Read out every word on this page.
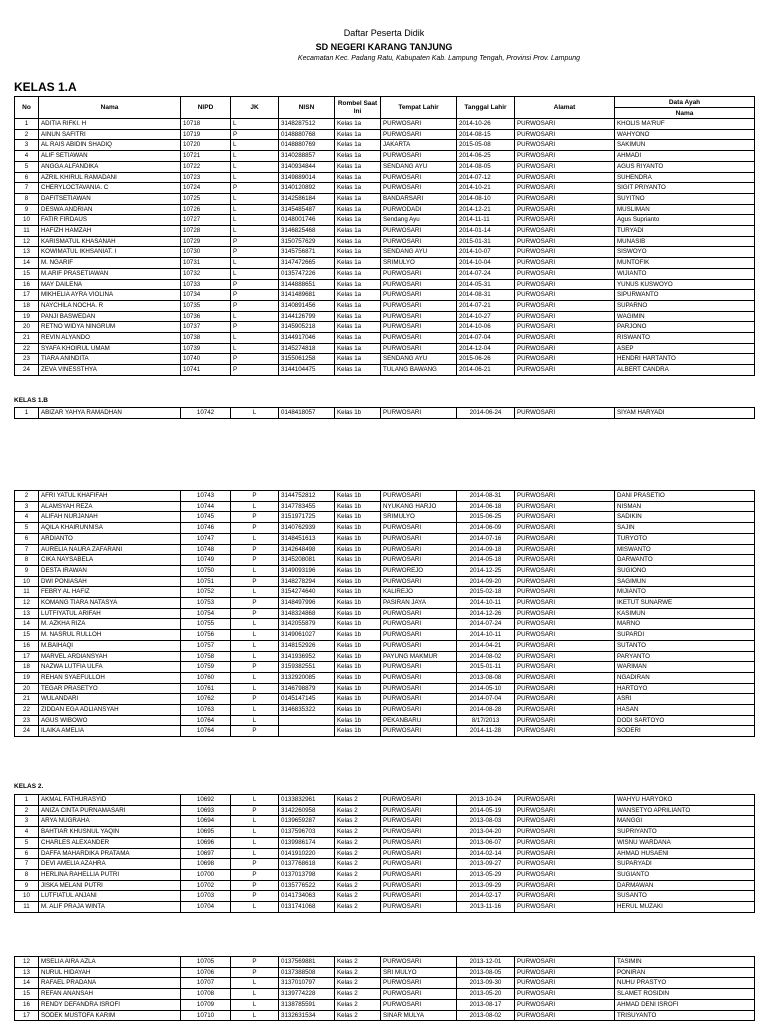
Daftar Peserta Didik
SD NEGERI KARANG TANJUNG
Kecamatan Kec. Padang Ratu, Kabupaten Kab. Lampung Tengah, Provinsi Prov. Lampung
KELAS 1.A
No	Nama	NIPD	JK	NISN	Rombel Saat Ini	Tempat Lahir	Tanggal Lahir	Alamat	Data Ayah
									Nama
1	ADITIA RIFKI. H	10718	L	3148287512	Kelas 1a	PURWOSARI	2014-10-26	PURWOSARI	KHOLIS MA'RUF
2	AINUN SAFITRI	10719	P	0148880768	Kelas 1a	PURWOSARI	2014-08-15	PURWOSARI	WAHYONO
3	AL RAIS ABIDIN SHADIQ	10720	L	0148880769	Kelas 1a	JAKARTA	2015-05-08	PURWOSARI	SAKIMUN
4	ALIF SETIAWAN	10721	L	3140288857	Kelas 1a	PURWOSARI	2014-06-25	PURWOSARI	AHMADI
5	ANGGA ALFANDIKA	10722	L	3140934844	Kelas 1a	SENDANG AYU	2014-08-05	PURWOSARI	AGUS RIYANTO
6	AZRIL KHIRUL RAMADANI	10723	L	3149889014	Kelas 1a	PURWOSARI	2014-07-12	PURWOSARI	SUHENDRA
7	CHERYLOCTAVANIA. C	10724	P	3140120892	Kelas 1a	PURWOSARI	2014-10-21	PURWOSARI	SIGIT PRIYANTO
8	DAFITSETIAWAN	10725	L	3142586184	Kelas 1a	BANDARSARI	2014-08-10	PURWOSARI	SUYITNO
9	DESWA ANDRIAN	10726	L	3145485487	Kelas 1a	PURWODADI	2014-12-21	PURWOSARI	MUSLIMAN
10	FATIR FIRDAUS	10727	L	0148001746	Kelas 1a	Sendang Ayu	2014-11-11	PURWOSARI	Agus Suprianto
11	HAFIZH HAMZAH	10728	L	3146825468	Kelas 1a	PURWOSARI	2014-01-14	PURWOSARI	TURYADI
12	KARISMATUL KHASANAH	10729	P	3150757629	Kelas 1a	PURWOSARI	2015-01-31	PURWOSARI	MUNASIB
13	KOWIMATUL IKHSANIAT. I	10730	P	3145756871	Kelas 1a	SENDANG AYU	2014-10-07	PURWOSARI	SISWOYO
14	M. NGARIF	10731	L	3147472665	Kelas 1a	SRIMULYO	2014-10-04	PURWOSARI	MUNTOFIK
15	M.ARIF PRASETIAWAN	10732	L	0135747226	Kelas 1a	PURWOSARI	2014-07-24	PURWOSARI	WIJIANTO
16	MAY DAILENA	10733	P	3144888651	Kelas 1a	PURWOSARI	2014-05-31	PURWOSARI	YUNUS KUSWOYO
17	MIKHELIA AYRA VIOLINA	10734	P	3141489681	Kelas 1a	PURWOSARI	2014-08-31	PURWOSARI	SIPURWANTO
18	NAYCHILA NOCHA. R	10735	P	3140891456	Kelas 1a	PURWOSARI	2014-07-21	PURWOSARI	SUPARNO
19	PANJI BASWEDAN	10736	L	3144126799	Kelas 1a	PURWOSARI	2014-10-27	PURWOSARI	WAGIMIN
20	RETNO WIDYA NINGRUM	10737	P	3145905218	Kelas 1a	PURWOSARI	2014-10-06	PURWOSARI	PARJONO
21	REVIN ALYANDO	10738	L	3144917046	Kelas 1a	PURWOSARI	2014-07-04	PURWOSARI	RISWANTO
22	SYAFA KHOIRUL UMAM	10739	L	3145274818	Kelas 1a	PURWOSARI	2014-12-04	PURWOSARI	ASEP
23	TIARA ANINDITA	10740	P	3155061258	Kelas 1a	SENDANG AYU	2015-06-26	PURWOSARI	HENDRI HARTANTO
24	ZEVA VINESSTHYA	10741	P	3144104475	Kelas 1a	TULANG BAWANG	2014-06-21	PURWOSARI	ALBERT CANDRA
KELAS 1.B
1	ABIZAR YAHYA RAMADHAN	10742	L	0148418057	Kelas 1b	PURWOSARI	2014-06-24	PURWOSARI	SIYAM HARYADI
2	AFRI YATUL KHAFIFAH	10743	P	3144752812	Kelas 1b	PURWOSARI	2014-08-31	PURWOSARI	DANI PRASETIO
3	ALAMSYAH REZA	10744	L	3147783455	Kelas 1b	NYUKANG HARJO	2014-06-18	PURWOSARI	NISMAN
4	ALIFAH NURJANAH	10745	P	3151971725	Kelas 1b	SRIMULYO	2015-06-25	PURWOSARI	SADIKIN
5	AQILA KHAIRUNNISA	10746	P	3140762939	Kelas 1b	PURWOSARI	2014-06-09	PURWOSARI	SAJIN
6	ARDIANTO	10747	L	3148451613	Kelas 1b	PURWOSARI	2014-07-16	PURWOSARI	TURYOTO
7	AURELIA NAURA ZAFARANI	10748	P	3142648498	Kelas 1b	PURWOSARI	2014-09-18	PURWOSARI	MISWANTO
8	CIKA NAYSABELA	10749	P	3145208081	Kelas 1b	PURWOSARI	2014-05-18	PURWOSARI	DARWANTO
9	DESTA IRAWAN	10750	L	3149093196	Kelas 1b	PURWOREJO	2014-12-25	PURWOSARI	SUGIONO
10	DWI PONIASAH	10751	P	3148278294	Kelas 1b	PURWOSARI	2014-09-20	PURWOSARI	SAGIMUN
11	FEBRY AL HAFIZ	10752	L	3154274640	Kelas 1b	KALIREJO	2015-02-18	PURWOSARI	MIJIANTO
12	KOMANG TIARA NATASYA	10753	P	3148497996	Kelas 1b	PASIRAN JAYA	2014-10-11	PURWOSARI	IKETUT SUNARWE
13	LUTFIYATUL ARIFAH	10754	P	3148324868	Kelas 1b	PURWOSARI	2014-12-26	PURWOSARI	KASIMUN
14	M. AZKHA RIZA	10755	L	3142055879	Kelas 1b	PURWOSARI	2014-07-24	PURWOSARI	MARNO
15	M. NASRUL RULLOH	10756	L	3149061027	Kelas 1b	PURWOSARI	2014-10-11	PURWOSARI	SUPARDI
16	M.BAIHAQI	10757	L	3148152926	Kelas 1b	PURWOSARI	2014-04-21	PURWOSARI	SUTANTO
17	MARVEL ARDIANSYAH	10758	L	3141936952	Kelas 1b	PAYUNG MAKMUR	2014-08-02	PURWOSARI	PARYANTO
18	NAZWA LUTFIA ULFA	10759	P	3159382551	Kelas 1b	PURWOSARI	2015-01-11	PURWOSARI	WARIMAN
19	REHAN SYAEFULLOH	10760	L	3132920085	Kelas 1b	PURWOSARI	2013-08-08	PURWOSARI	NGADIRAN
20	TEGAR PRASETYO	10761	L	3146798879	Kelas 1b	PURWOSARI	2014-05-10	PURWOSARI	HARTOYO
21	WULANDARI	10762	P	0145147145	Kelas 1b	PURWOSARI	2014-07-04	PURWOSARI	ASRI
22	ZIDDAN EGA ADLIANSYAH	10763	L	3146835322	Kelas 1b	PURWOSARI	2014-08-28	PURWOSARI	HASAN
23	AGUS WIBOWO	10764	L		Kelas 1b	PEKANBARU	8/17/2013	PURWOSARI	DODI SARTOYO
24	ILAIKA AMELIA	10764	P		Kelas 1b	PURWOSARI	2014-11-28	PURWOSARI	SODERI
KELAS 2.
1	AKMAL FATHURASYID	10692	L	0133832961	Kelas 2	PURWOSARI	2013-10-24	PURWOSARI	WAHYU HARYOKO
2	ANIZA CINTA PURNAMASARI	10693	P	3142260958	Kelas 2	PURWOSARI	2014-05-19	PURWOSARI	WANSETYO APRILIANTO
3	ARYA NUGRAHA	10694	L	0139659287	Kelas 2	PURWOSARI	2013-08-03	PURWOSARI	MANGGI
4	BAHTIAR KHUSNUL YAQIN	10695	L	0137596703	Kelas 2	PURWOSARI	2013-04-20	PURWOSARI	SUPRIYANTO
5	CHARLES ALEXANDER	10696	L	0139986174	Kelas 2	PURWOSARI	2013-06-07	PURWOSARI	WISNU WARDANA
6	DAFFA MAHARDIKA PRATAMA	10697	L	0141910220	Kelas 2	PURWOSARI	2014-02-14	PURWOSARI	AHMAD HUSAENI
7	DEVI AMELIA AZAHRA	10698	P	0137768618	Kelas 2	PURWOSARI	2013-09-27	PURWOSARI	SUPARYADI
8	HERLINA RAHELLIA PUTRI	10700	P	0137013798	Kelas 2	PURWOSARI	2013-05-29	PURWOSARI	SUGIANTO
9	JISKA MELANI PUTRI	10702	P	0135776522	Kelas 2	PURWOSARI	2013-09-29	PURWOSARI	DARMAWAN
10	LUTFIATUL ANJANI	10703	P	0141734063	Kelas 2	PURWOSARI	2014-02-17	PURWOSARI	SUSANTO
11	M. ALIF PRAJA WINTA	10704	L	0131741068	Kelas 2	PURWOSARI	2013-11-16	PURWOSARI	HERUL MUZAKI
12	MSELIA AIRA AZLA	10705	P	0137569881	Kelas 2	PURWOSARI	2013-12-01	PURWOSARI	TASIMIN
13	NURUL HIDAYAH	10706	P	0137388508	Kelas 2	SRI MULYO	2013-08-05	PURWOSARI	PONIRAN
14	RAFAEL PRADANA	10707	L	3137010797	Kelas 2	PURWOSARI	2013-09-30	PURWOSARI	NUHU PRASTYO
15	REFAN ANANSAH	10708	L	3139774228	Kelas 2	PURWOSARI	2013-05-20	PURWOSARI	SLAMET ROSIDIN
16	RENDY DEFANDRA ISROFI	10709	L	3138785591	Kelas 2	PURWOSARI	2013-08-17	PURWOSARI	AHMAD DENI ISROFI
17	SODEK MUSTOFA KARIM	10710	L	3132631534	Kelas 2	SINAR MULYA	2013-08-02	PURWOSARI	TRISUYANTO
